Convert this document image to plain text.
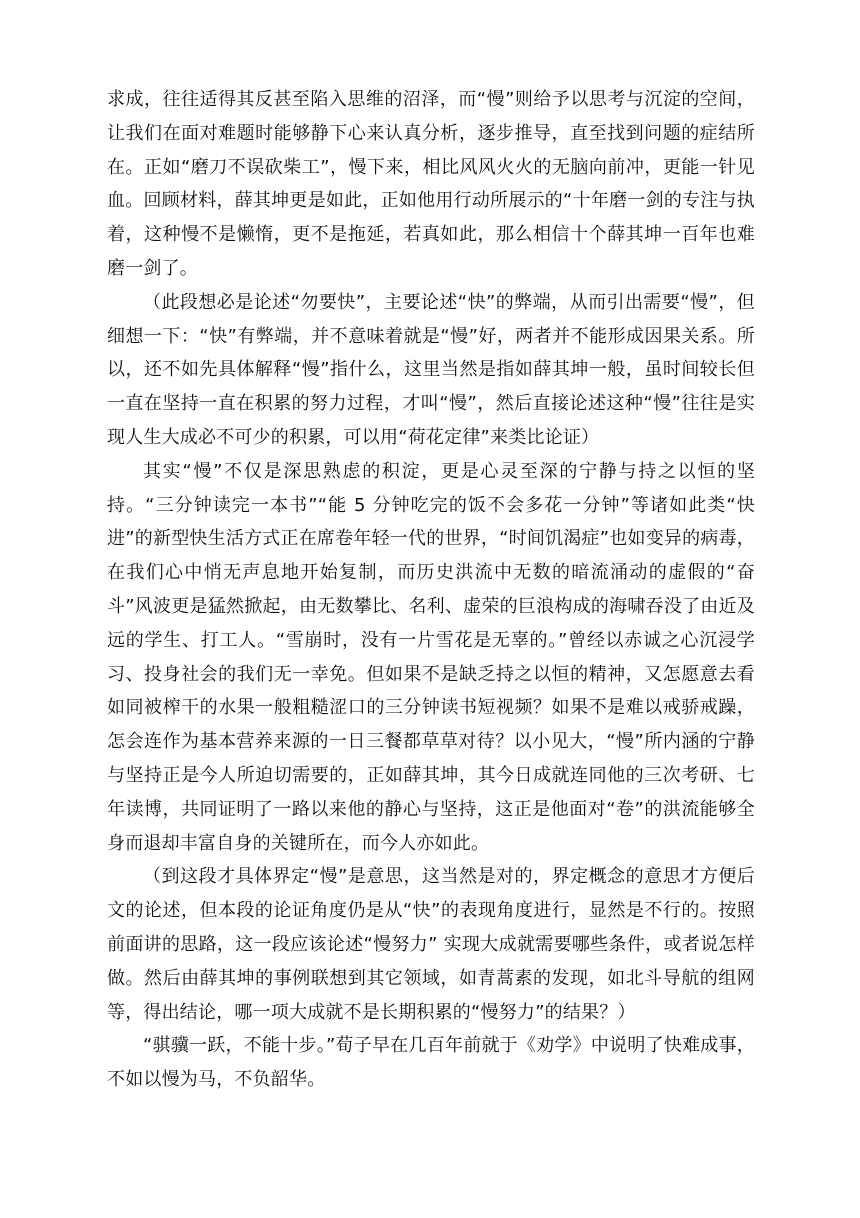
求成，往往适得其反甚至陷入思维的沼泽，而“慢”则给予以思考与沉淀的空间，让我们在面对难题时能够静下心来认真分析，逐步推导，直至找到问题的症结所在。正如“磨刀不误砍柴工”，慢下来，相比风风火火的无脑向前冲，更能一针见血。回顾材料，薛其坤更是如此，正如他用行动所展示的“十年磨一剑的专注与执着，这种慢不是懒惰，更不是拖延，若真如此，那么相信十个薛其坤一百年也难磨一剑了。

（此段想必是论述“勿要快”，主要论述“快”的弊端，从而引出需要“慢”，但细想一下：“快”有弊端，并不意味着就是“慢”好，两者并不能形成因果关系。所以，还不如先具体解释“慢”指什么，这里当然是指如薛其坤一般，虽时间较长但一直在坚持一直在积累的努力过程，才叫“慢”，然后直接论述这种“慢”往往是实现人生大成必不可少的积累，可以用“荷花定律”来类比论证）

其实“慢”不仅是深思熟虑的积淀，更是心灵至深的宁静与持之以恒的坚持。“三分钟读完一本书”“能 5 分钟吃完的饭不会多花一分钟”等诸如此类“快进”的新型快生活方式正在席卷年轻一代的世界，“时间饥渴症”也如变异的病毒，在我们心中悄无声息地开始复制，而历史洪流中无数的暗流涌动的虚假的“奋斗”风波更是猛然掀起，由无数攀比、名利、虚荣的巨浪构成的海啸吞没了由近及远的学生、打工人。“雪崩时，没有一片雪花是无辜的。”曾经以赤诚之心沉浸学习、投身社会的我们无一幸免。但如果不是缺乏持之以恒的精神，又怎愿意去看如同被榨干的水果一般粗糙涩口的三分钟读书短视频？如果不是难以戒骄戒躁，怎会连作为基本营养来源的一日三餐都草草对待？以小见大，“慢”所内涵的宁静与坚持正是今人所迫切需要的，正如薛其坤，其今日成就连同他的三次考研、七年读博，共同证明了一路以来他的静心与坚持，这正是他面对“卷”的洪流能够全身而退却丰富自身的关键所在，而今人亦如此。

（到这段才具体界定“慢”是意思，这当然是对的，界定概念的意思才方便后文的论述，但本段的论证角度仍是从“快”的表现角度进行，显然是不行的。按照前面讲的思路，这一段应该论述“慢努力” 实现大成就需要哪些条件，或者说怎样做。然后由薛其坤的事例联想到其它领域，如青蒿素的发现，如北斗导航的组网等，得出结论，哪一项大成就不是长期积累的“慢努力”的结果？）

“骐骥一跃，不能十步。”荀子早在几百年前就于《劝学》中说明了快难成事，不如以慢为马，不负韶华。
